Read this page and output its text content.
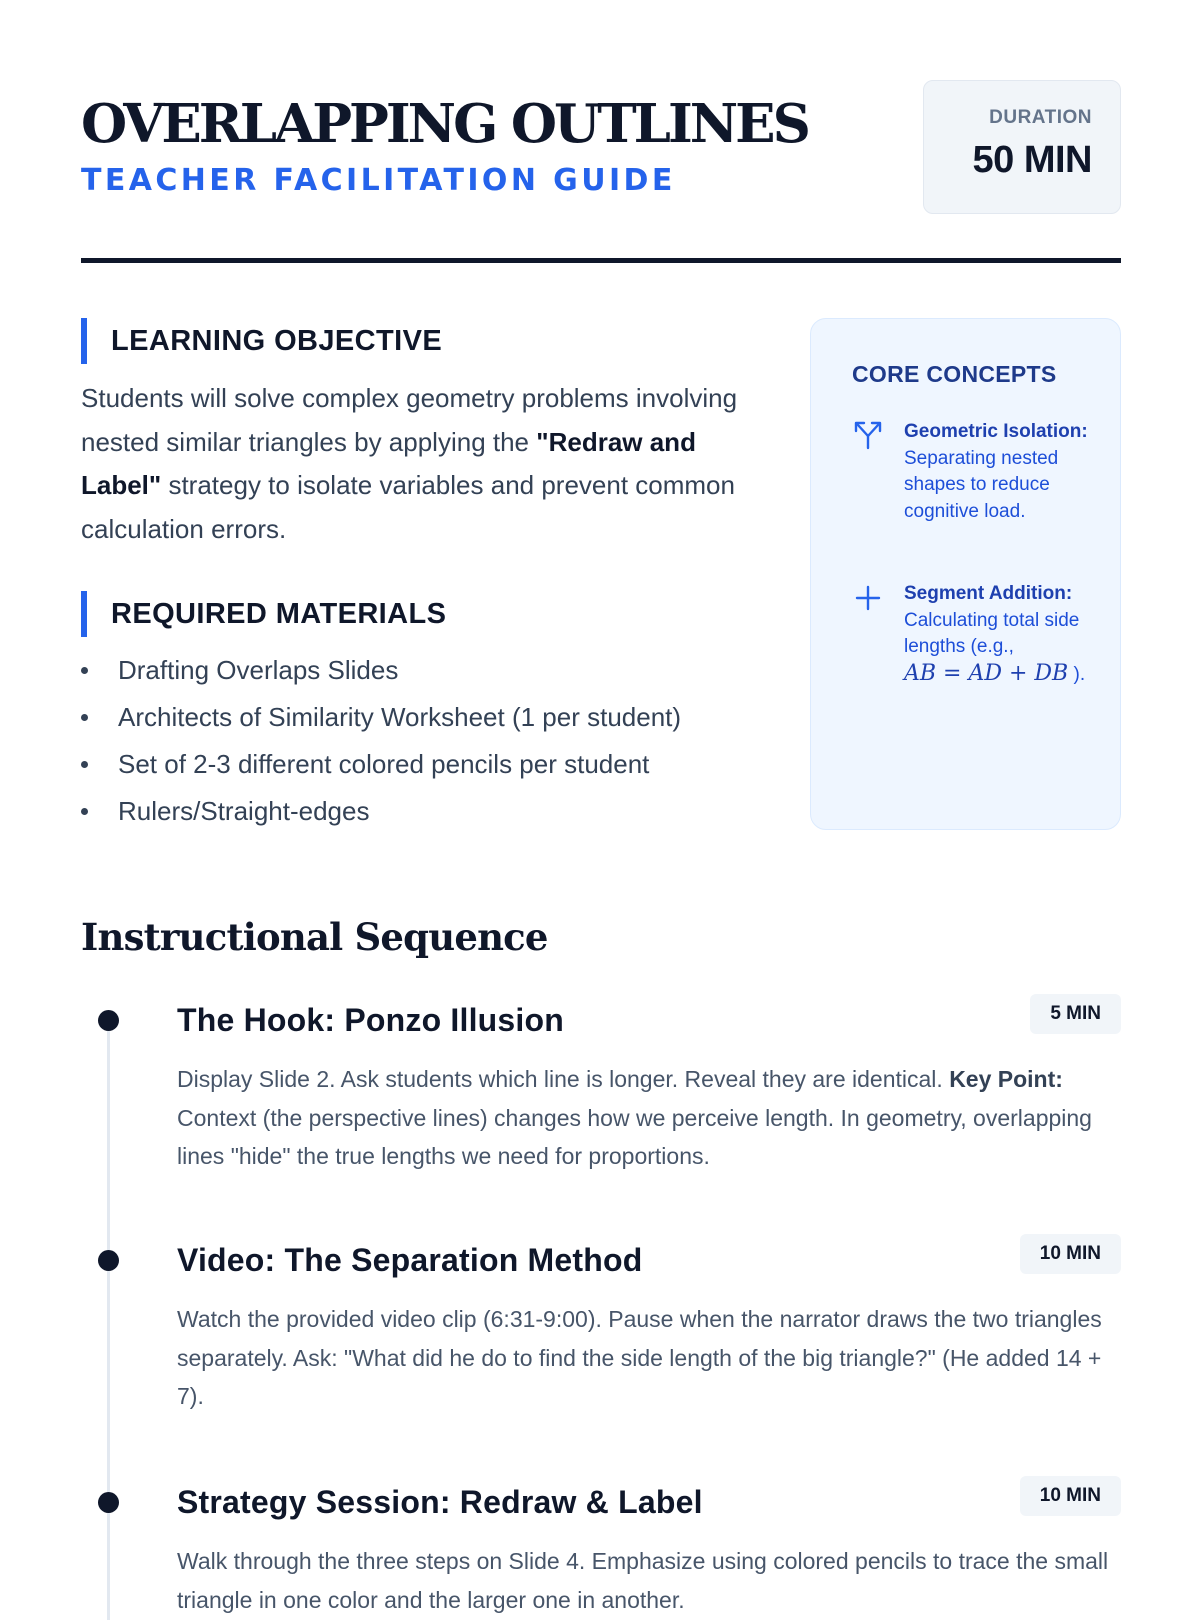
OVERLAPPING OUTLINES
TEACHER FACILITATION GUIDE
DURATION
50 MIN
LEARNING OBJECTIVE

Students will solve complex geometry problems involving nested similar triangles by applying the "Redraw and Label" strategy to isolate variables and prevent common calculation errors.

REQUIRED MATERIALS
Drafting Overlaps Slides
Architects of Similarity Worksheet (1 per student)
Set of 2-3 different colored pencils per student
Rulers/Straight-edges
CORE CONCEPTS
Geometric Isolation:
Separating nested shapes to reduce cognitive load.
Segment Addition:
Calculating total side lengths (e.g., AB = AD + DB ).
Instructional Sequence
The Hook: Ponzo Illusion	5 MIN

Display Slide 2. Ask students which line is longer. Reveal they are identical. Key Point: Context (the perspective lines) changes how we perceive length. In geometry, overlapping lines "hide" the true lengths we need for proportions.

Video: The Separation Method	10 MIN

Watch the provided video clip (6:31-9:00). Pause when the narrator draws the two triangles separately. Ask: "What did he do to find the side length of the big triangle?" (He added 14 + 7).

Strategy Session: Redraw & Label	10 MIN

Walk through the three steps on Slide 4. Emphasize using colored pencils to trace the small triangle in one color and the larger one in another.
